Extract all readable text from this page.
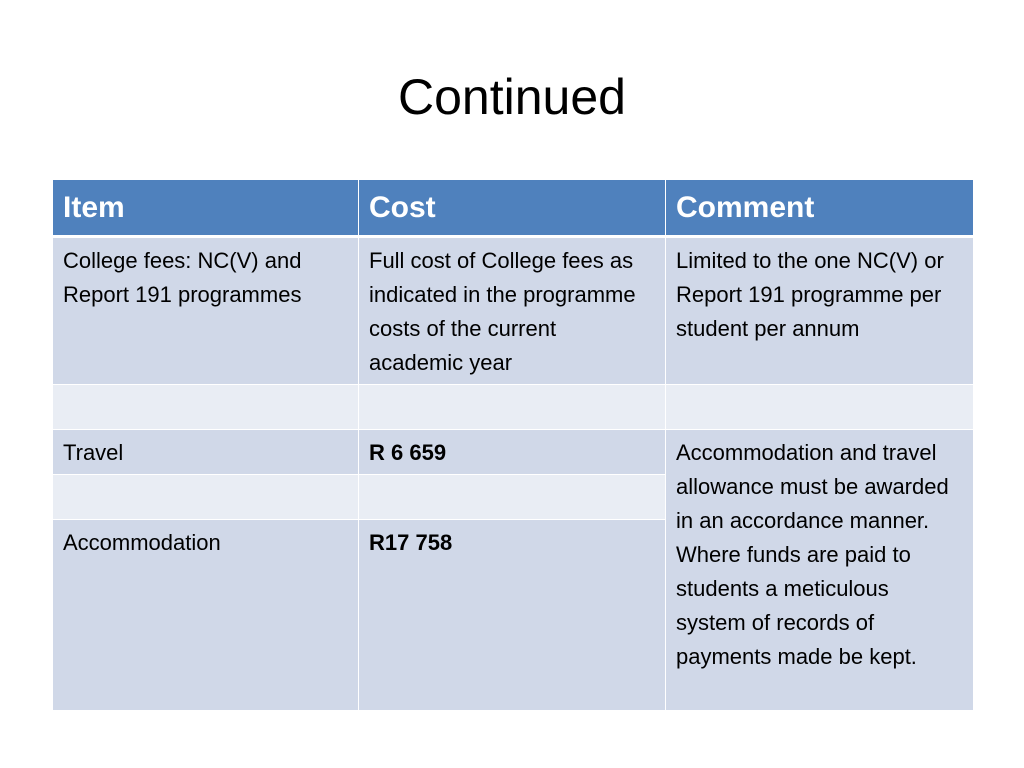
Continued
Item	Cost	Comment
College fees: NC(V) and Report 191 programmes	Full cost of College fees as indicated in the programme costs of the current academic year	Limited to the one NC(V) or Report 191 programme per student per annum

Travel	R 6 659	Accommodation and travel allowance must be awarded in an accordance manner. Where funds are paid to students a meticulous system of records of payments made be kept.

Accommodation	R17 758	
